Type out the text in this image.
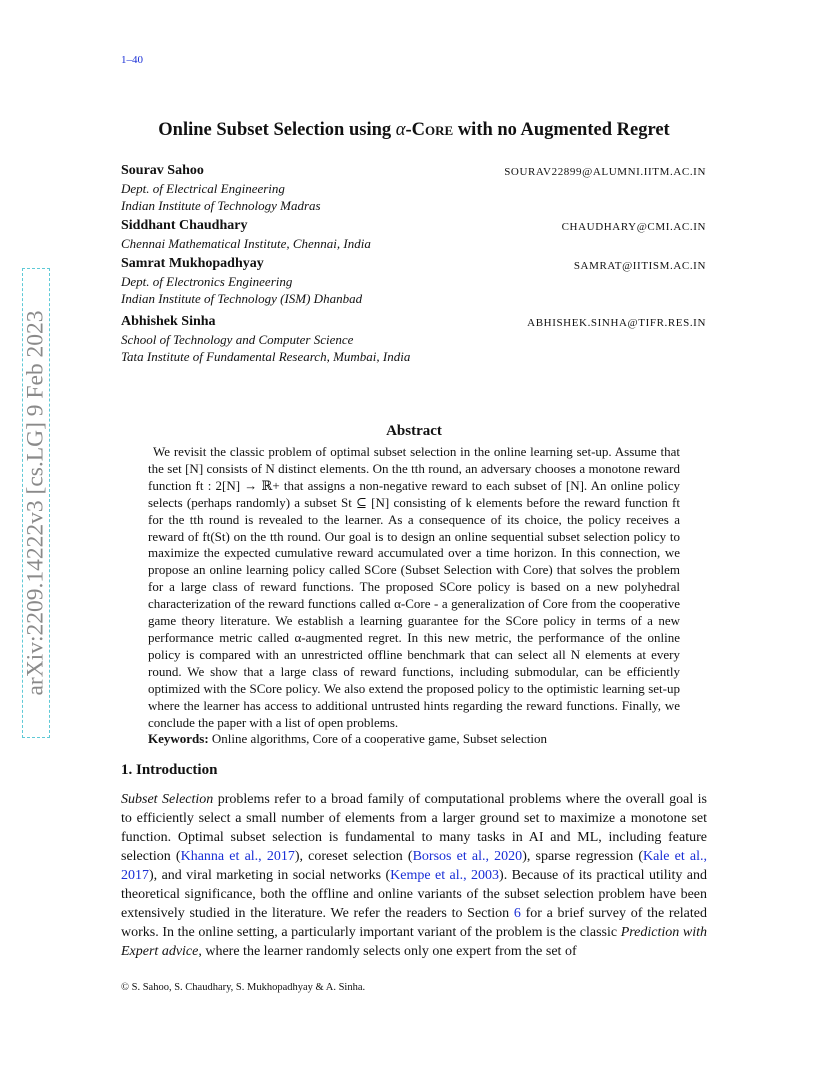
1–40
Online Subset Selection using α-Core with no Augmented Regret
Sourav Sahoo	SOURAV22899@ALUMNI.IITM.AC.IN
Dept. of Electrical Engineering
Indian Institute of Technology Madras
Siddhant Chaudhary	CHAUDHARY@CMI.AC.IN
Chennai Mathematical Institute, Chennai, India
Samrat Mukhopadhyay	SAMRAT@IITISM.AC.IN
Dept. of Electronics Engineering
Indian Institute of Technology (ISM) Dhanbad
Abhishek Sinha	ABHISHEK.SINHA@TIFR.RES.IN
School of Technology and Computer Science
Tata Institute of Fundamental Research, Mumbai, India
Abstract

We revisit the classic problem of optimal subset selection in the online learning set-up. Assume that the set [N] consists of N distinct elements. On the tth round, an adversary chooses a monotone reward function ft : 2[N] → ℝ+ that assigns a non-negative reward to each subset of [N]. An online policy selects (perhaps randomly) a subset St ⊆ [N] consisting of k elements before the reward function ft for the tth round is revealed to the learner. As a consequence of its choice, the policy receives a reward of ft(St) on the tth round. Our goal is to design an online sequential subset selection policy to maximize the expected cumulative reward accumulated over a time horizon. In this connection, we propose an online learning policy called SCore (Subset Selection with Core) that solves the problem for a large class of reward functions. The proposed SCore policy is based on a new polyhedral characterization of the reward functions called α-Core - a generalization of Core from the cooperative game theory literature. We establish a learning guarantee for the SCore policy in terms of a new performance metric called α-augmented regret. In this new metric, the performance of the online policy is compared with an unrestricted offline benchmark that can select all N elements at every round. We show that a large class of reward functions, including submodular, can be efficiently optimized with the SCore policy. We also extend the proposed policy to the optimistic learning set-up where the learner has access to additional untrusted hints regarding the reward functions. Finally, we conclude the paper with a list of open problems.

Keywords: Online algorithms, Core of a cooperative game, Subset selection

1. Introduction

Subset Selection problems refer to a broad family of computational problems where the overall goal is to efficiently select a small number of elements from a larger ground set to maximize a monotone set function. Optimal subset selection is fundamental to many tasks in AI and ML, including feature selection (Khanna et al., 2017), coreset selection (Borsos et al., 2020), sparse regression (Kale et al., 2017), and viral marketing in social networks (Kempe et al., 2003). Because of its practical utility and theoretical significance, both the offline and online variants of the subset selection problem have been extensively studied in the literature. We refer the readers to Section 6 for a brief survey of the related works. In the online setting, a particularly important variant of the problem is the classic Prediction with Expert advice, where the learner randomly selects only one expert from the set of

© S. Sahoo, S. Chaudhary, S. Mukhopadhyay & A. Sinha.
arXiv:2209.14222v3 [cs.LG] 9 Feb 2023
